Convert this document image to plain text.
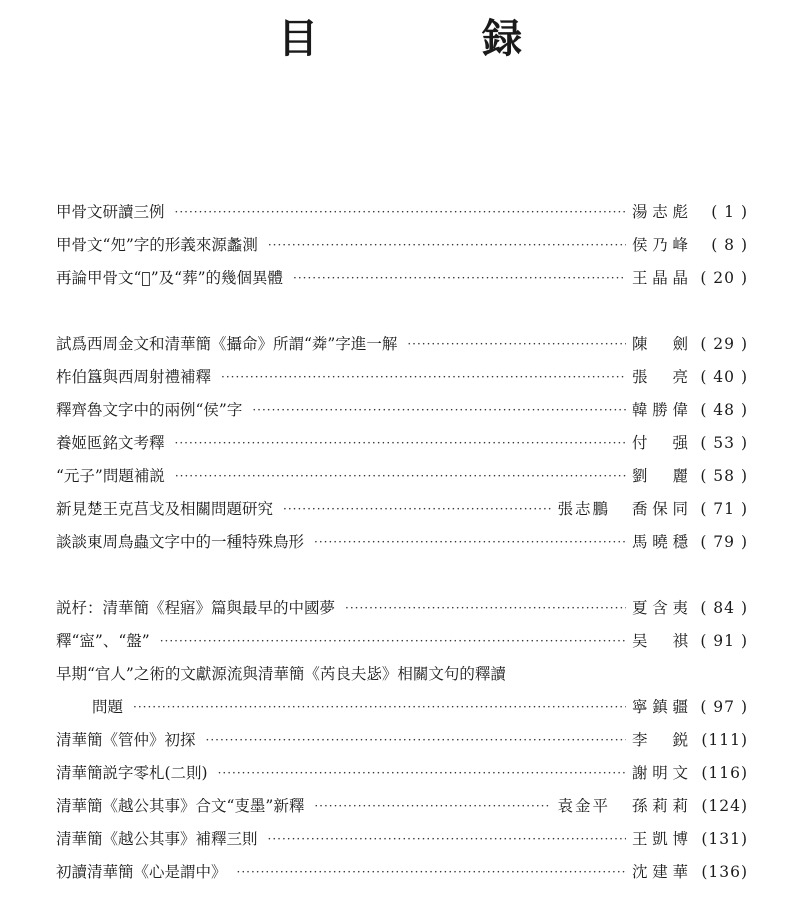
目　録
甲骨文研讀三例 ·····	湯志彪	( 1 )
甲骨文“夗”字的形義來源蠡測 ·····	侯乃峰	( 8 )
再論甲骨文“𣏎”及“葬”的幾個異體 ·····	王晶晶 ( 20 )
試爲西周金文和清華簡《攝命》所謂“粦”字進一解 ·····	陳　劍 ( 29 )
柞伯簋與西周射禮補釋 ·····	張　亮 ( 40 )
釋齊魯文字中的兩例“侯”字 ·····	韓勝偉 ( 48 )
養姬匜銘文考釋 ·····	付　强 ( 53 )
“元子”問題補説 ·····	劉　麗 ( 58 )
新見楚王克莒戈及相關問題研究 ·····	張志鵬 喬保同 ( 71 )
談談東周鳥蟲文字中的一種特殊鳥形 ·····	馬曉穩 ( 79 )
説杍：清華簡《程寤》篇與最早的中國夢 ·····	夏含夷 ( 84 )
釋“寍”、“盤” ·····	吴　祺 ( 91 )
早期“官人”之術的文獻源流與清華簡《芮良夫毖》相關文句的釋讀
問題 ·····	寧鎮疆 ( 97 )
清華簡《管仲》初探 ·····	李　鋭 (111)
清華簡説字零札(二則) ·····	謝明文 (116)
清華簡《越公其事》合文“叓墨”新釋 ·····	袁金平 孫莉莉 (124)
清華簡《越公其事》補釋三則 ·····	王凱博 (131)
初讀清華簡《心是謂中》 ·····	沈建華 (136)
